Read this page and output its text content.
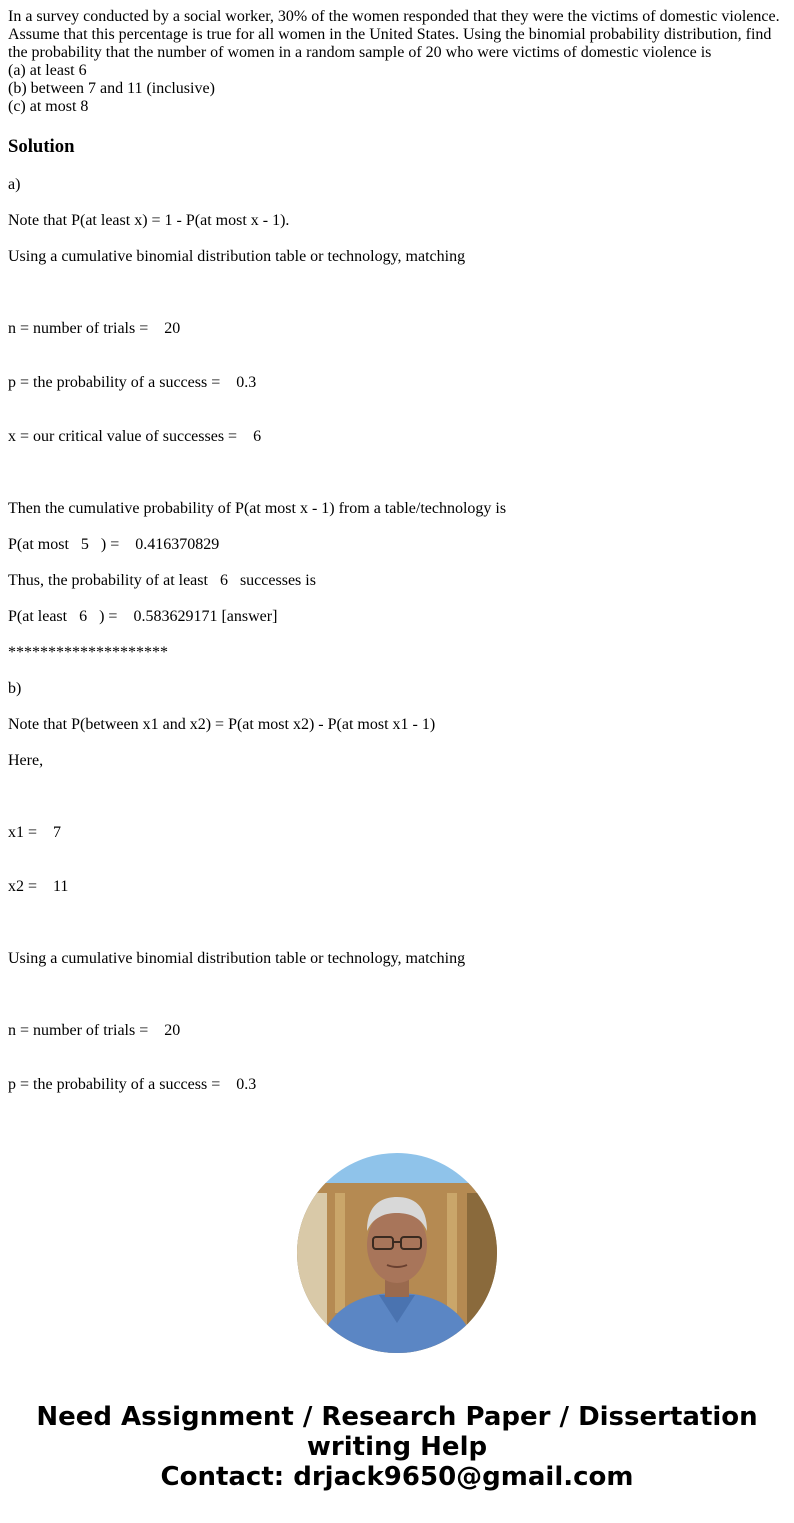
In a survey conducted by a social worker, 30% of the women responded that they were the victims of domestic violence. Assume that this percentage is true for all women in the United States. Using the binomial probability distribution, find the probability that the number of women in a random sample of 20 who were victims of domestic violence is

(a) at least 6

(b) between 7 and 11 (inclusive)

(c) at most 8

Solution

a)

Note that P(at least x) = 1 - P(at most x - 1).

Using a cumulative binomial distribution table or technology, matching

n = number of trials =    20

p = the probability of a success =    0.3

x = our critical value of successes =    6

Then the cumulative probability of P(at most x - 1) from a table/technology is

P(at most   5   ) =    0.416370829

Thus, the probability of at least   6   successes is

P(at least   6   ) =    0.583629171 [answer]

********************

b)

Note that P(between x1 and x2) = P(at most x2) - P(at most x1 - 1)

Here,

x1 =    7

x2 =    11

Using a cumulative binomial distribution table or technology, matching

n = number of trials =    20

p = the probability of a success =    0.3

Need Assignment / Research Paper / Dissertation
writing Help
Contact: drjack9650@gmail.com
